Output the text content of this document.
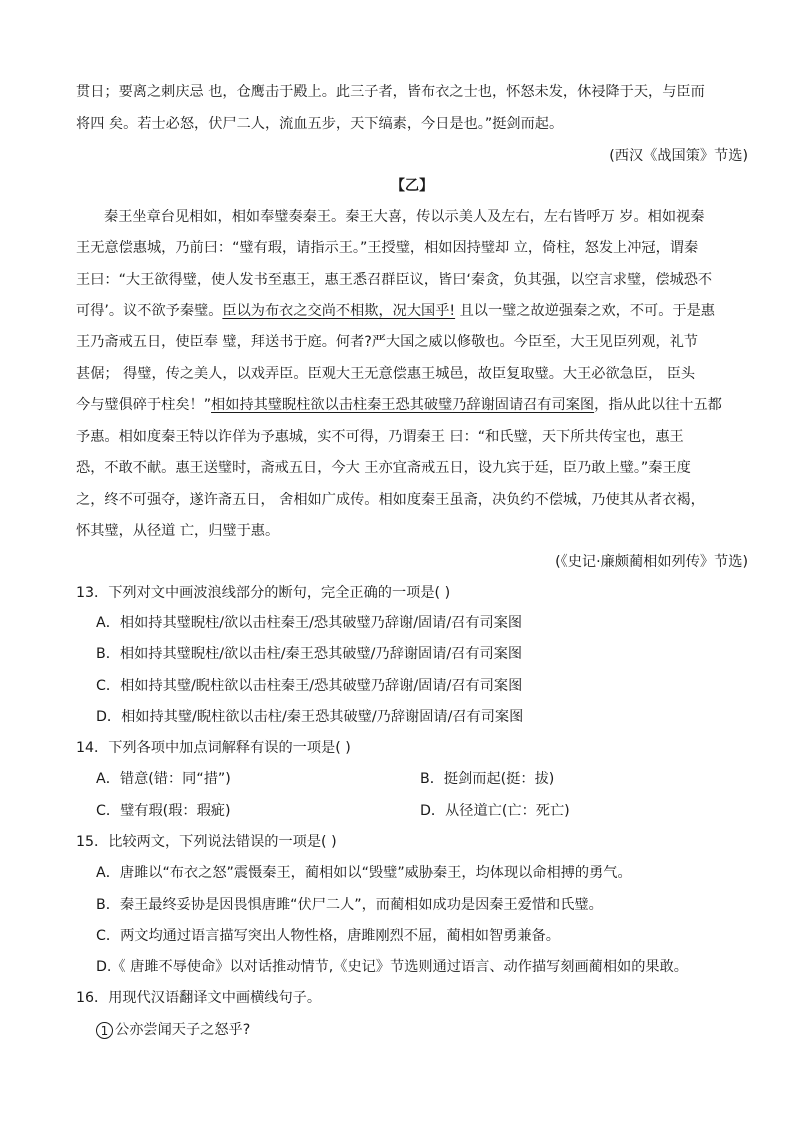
贯日；要离之刺庆忌 也，仓鹰击于殿上。此三子者，皆布衣之士也，怀怒未发，休祲降于天，与臣而
将四 矣。若士必怒，伏尸二人，流血五步，天下缟素，今日是也。”挺剑而起。
(西汉《战国策》节选)
【乙】
秦王坐章台见相如，相如奉璧奏秦王。秦王大喜，传以示美人及左右，左右皆呼万 岁。相如视秦
王无意偿惠城，乃前曰：“璧有瑕，请指示王。”王授璧，相如因持璧却 立，倚柱，怒发上冲冠，谓秦
王曰：“大王欲得璧，使人发书至惠王，惠王悉召群臣议，皆曰‘秦贪，负其强，以空言求璧，偿城恐不
可得’。议不欲予秦璧。臣以为布衣之交尚不相欺，况大国乎! 且以一璧之故逆强秦之欢，不可。于是惠
王乃斋戒五日，使臣奉 璧，拜送书于庭。何者?严大国之威以修敬也。今臣至，大王见臣列观，礼节
甚倨； 得璧，传之美人，以戏弄臣。臣观大王无意偿惠王城邑，故臣复取璧。大王必欲急臣， 臣头
今与璧俱碎于柱矣！”相如持其璧睨柱欲以击柱秦王恐其破璧乃辞谢固请召有司案图，指从此以往十五都
予惠。相如度秦王特以诈佯为予惠城，实不可得，乃谓秦王 曰：“和氏璧，天下所共传宝也，惠王
恐，不敢不献。惠王送璧时，斋戒五日，今大 王亦宜斋戒五日，设九宾于廷，臣乃敢上璧。”秦王度
之，终不可强夺，遂许斋五日， 舍相如广成传。相如度秦王虽斋，决负约不偿城，乃使其从者衣褐，
怀其璧，从径道 亡，归璧于惠。
(《史记·廉颇蔺相如列传》节选)
13．下列对文中画波浪线部分的断句，完全正确的一项是( )
A．相如持其璧睨柱/欲以击柱秦王/恐其破璧乃辞谢/固请/召有司案图
B．相如持其璧睨柱/欲以击柱/秦王恐其破璧/乃辞谢固请/召有司案图
C．相如持其璧/睨柱欲以击柱秦王/恐其破璧乃辞谢/固请/召有司案图
D．相如持其璧/睨柱欲以击柱/秦王恐其破璧/乃辞谢固请/召有司案图
14．下列各项中加点词解释有误的一项是( )
A．错意(错：同“措”)	B．挺剑而起(挺：拔)
C．璧有瑕(瑕：瑕疵)	D．从径道亡(亡：死亡)
15．比较两文，下列说法错误的一项是( )
A．唐雎以“布衣之怒”震慑秦王，蔺相如以“毁璧”威胁秦王，均体现以命相搏的勇气。
B．秦王最终妥协是因畏惧唐雎“伏尸二人”，而蔺相如成功是因秦王爱惜和氏璧。
C．两文均通过语言描写突出人物性格，唐雎刚烈不屈，蔺相如智勇兼备。
D.《 唐雎不辱使命》以对话推动情节,《史记》节选则通过语言、动作描写刻画蔺相如的果敢。
16．用现代汉语翻译文中画横线句子。
1 公亦尝闻天子之怒乎?
